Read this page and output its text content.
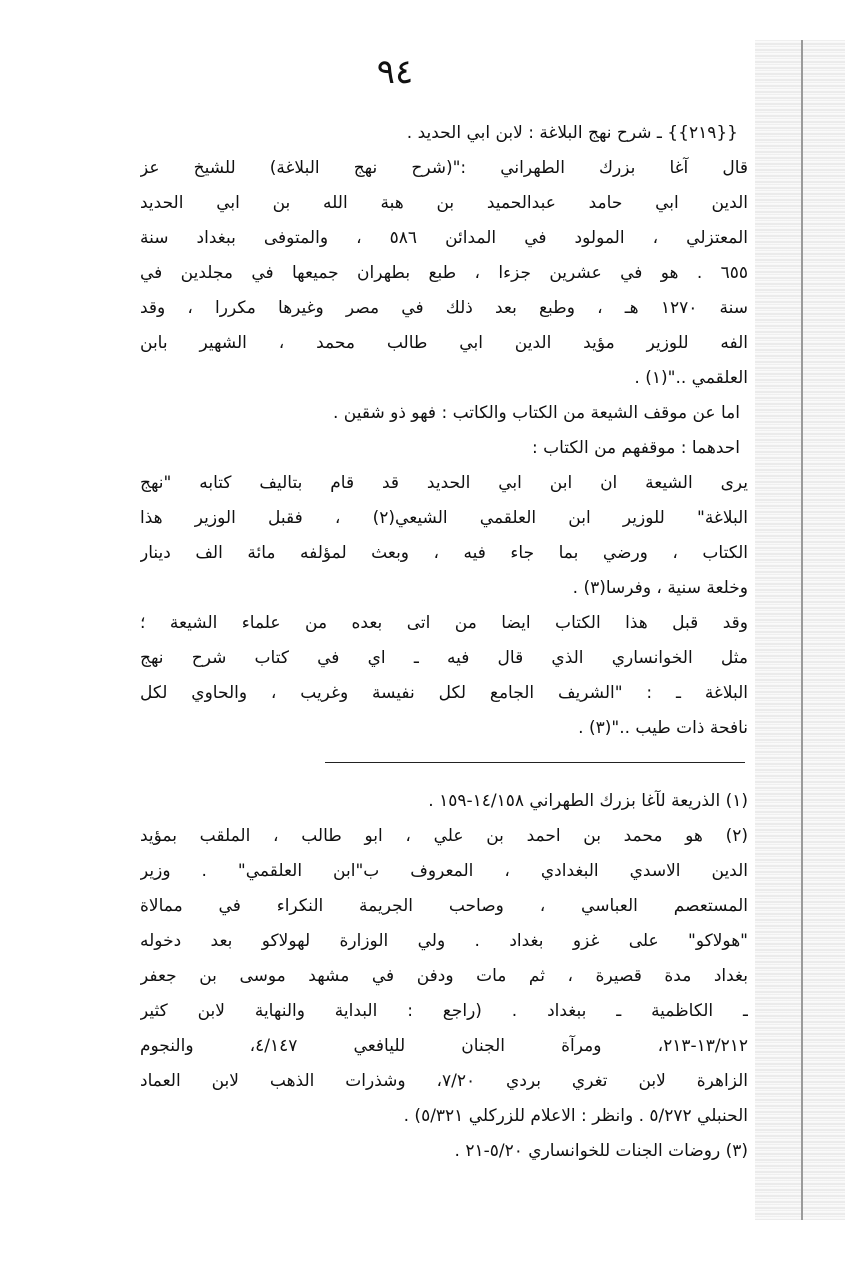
٩٤
{{٢١٩}} ـ شرح نهج البلاغة : لابن ابي الحديد .
قال آغا بزرك الطهراني :"(شرح نهج البلاغة) للشيخ عز
الدين ابي حامد عبدالحميد بن هبة الله بن ابي الحديد
المعتزلي ، المولود في المدائن ٥٨٦ ، والمتوفى ببغداد سنة
٦٥٥ . هو في عشرين جزءا ، طبع بطهران جميعها في مجلدين في
سنة ١٢٧٠ هـ ، وطبع بعد ذلك في مصر وغيرها مكررا ، وقد
الفه للوزير مؤيد الدين ابي طالب محمد ، الشهير بابن
العلقمي .."(١) .
اما عن موقف الشيعة من الكتاب والكاتب : فهو ذو شقين .
احدهما : موقفهم من الكتاب :
يرى الشيعة ان ابن ابي الحديد قد قام بتاليف كتابه "نهج
البلاغة" للوزير ابن العلقمي الشيعي(٢) ، فقبل الوزير هذا
الكتاب ، ورضي بما جاء فيه ، وبعث لمؤلفه مائة الف دينار
وخلعة سنية ، وفرسا(٣) .
وقد قبل هذا الكتاب ايضا من اتى بعده من علماء الشيعة ؛
مثل الخوانساري الذي قال فيه ـ اي في كتاب شرح نهج
البلاغة ـ : "الشريف الجامع لكل نفيسة وغريب ، والحاوي لكل
نافحة ذات طيب .."(٣) .
(١) الذريعة لآغا بزرك الطهراني ١٤/١٥٨-١٥٩ .
(٢) هو محمد بن احمد بن علي ، ابو طالب ، الملقب بمؤيد
الدين الاسدي البغدادي ، المعروف ب"ابن العلقمي" . وزير
المستعصم العباسي ، وصاحب الجريمة النكراء في ممالاة
"هولاكو" على غزو بغداد . ولي الوزارة لهولاكو بعد دخوله
بغداد مدة قصيرة ، ثم مات ودفن في مشهد موسى بن جعفر
ـ الكاظمية ـ ببغداد . (راجع : البداية والنهاية لابن كثير
١٣/٢١٢-٢١٣، ومرآة الجنان لليافعي ٤/١٤٧، والنجوم
الزاهرة لابن تغري بردي ٧/٢٠، وشذرات الذهب لابن العماد
الحنبلي ٥/٢٧٢ . وانظر : الاعلام للزركلي ٥/٣٢١) .
(٣) روضات الجنات للخوانساري ٥/٢٠-٢١ .
